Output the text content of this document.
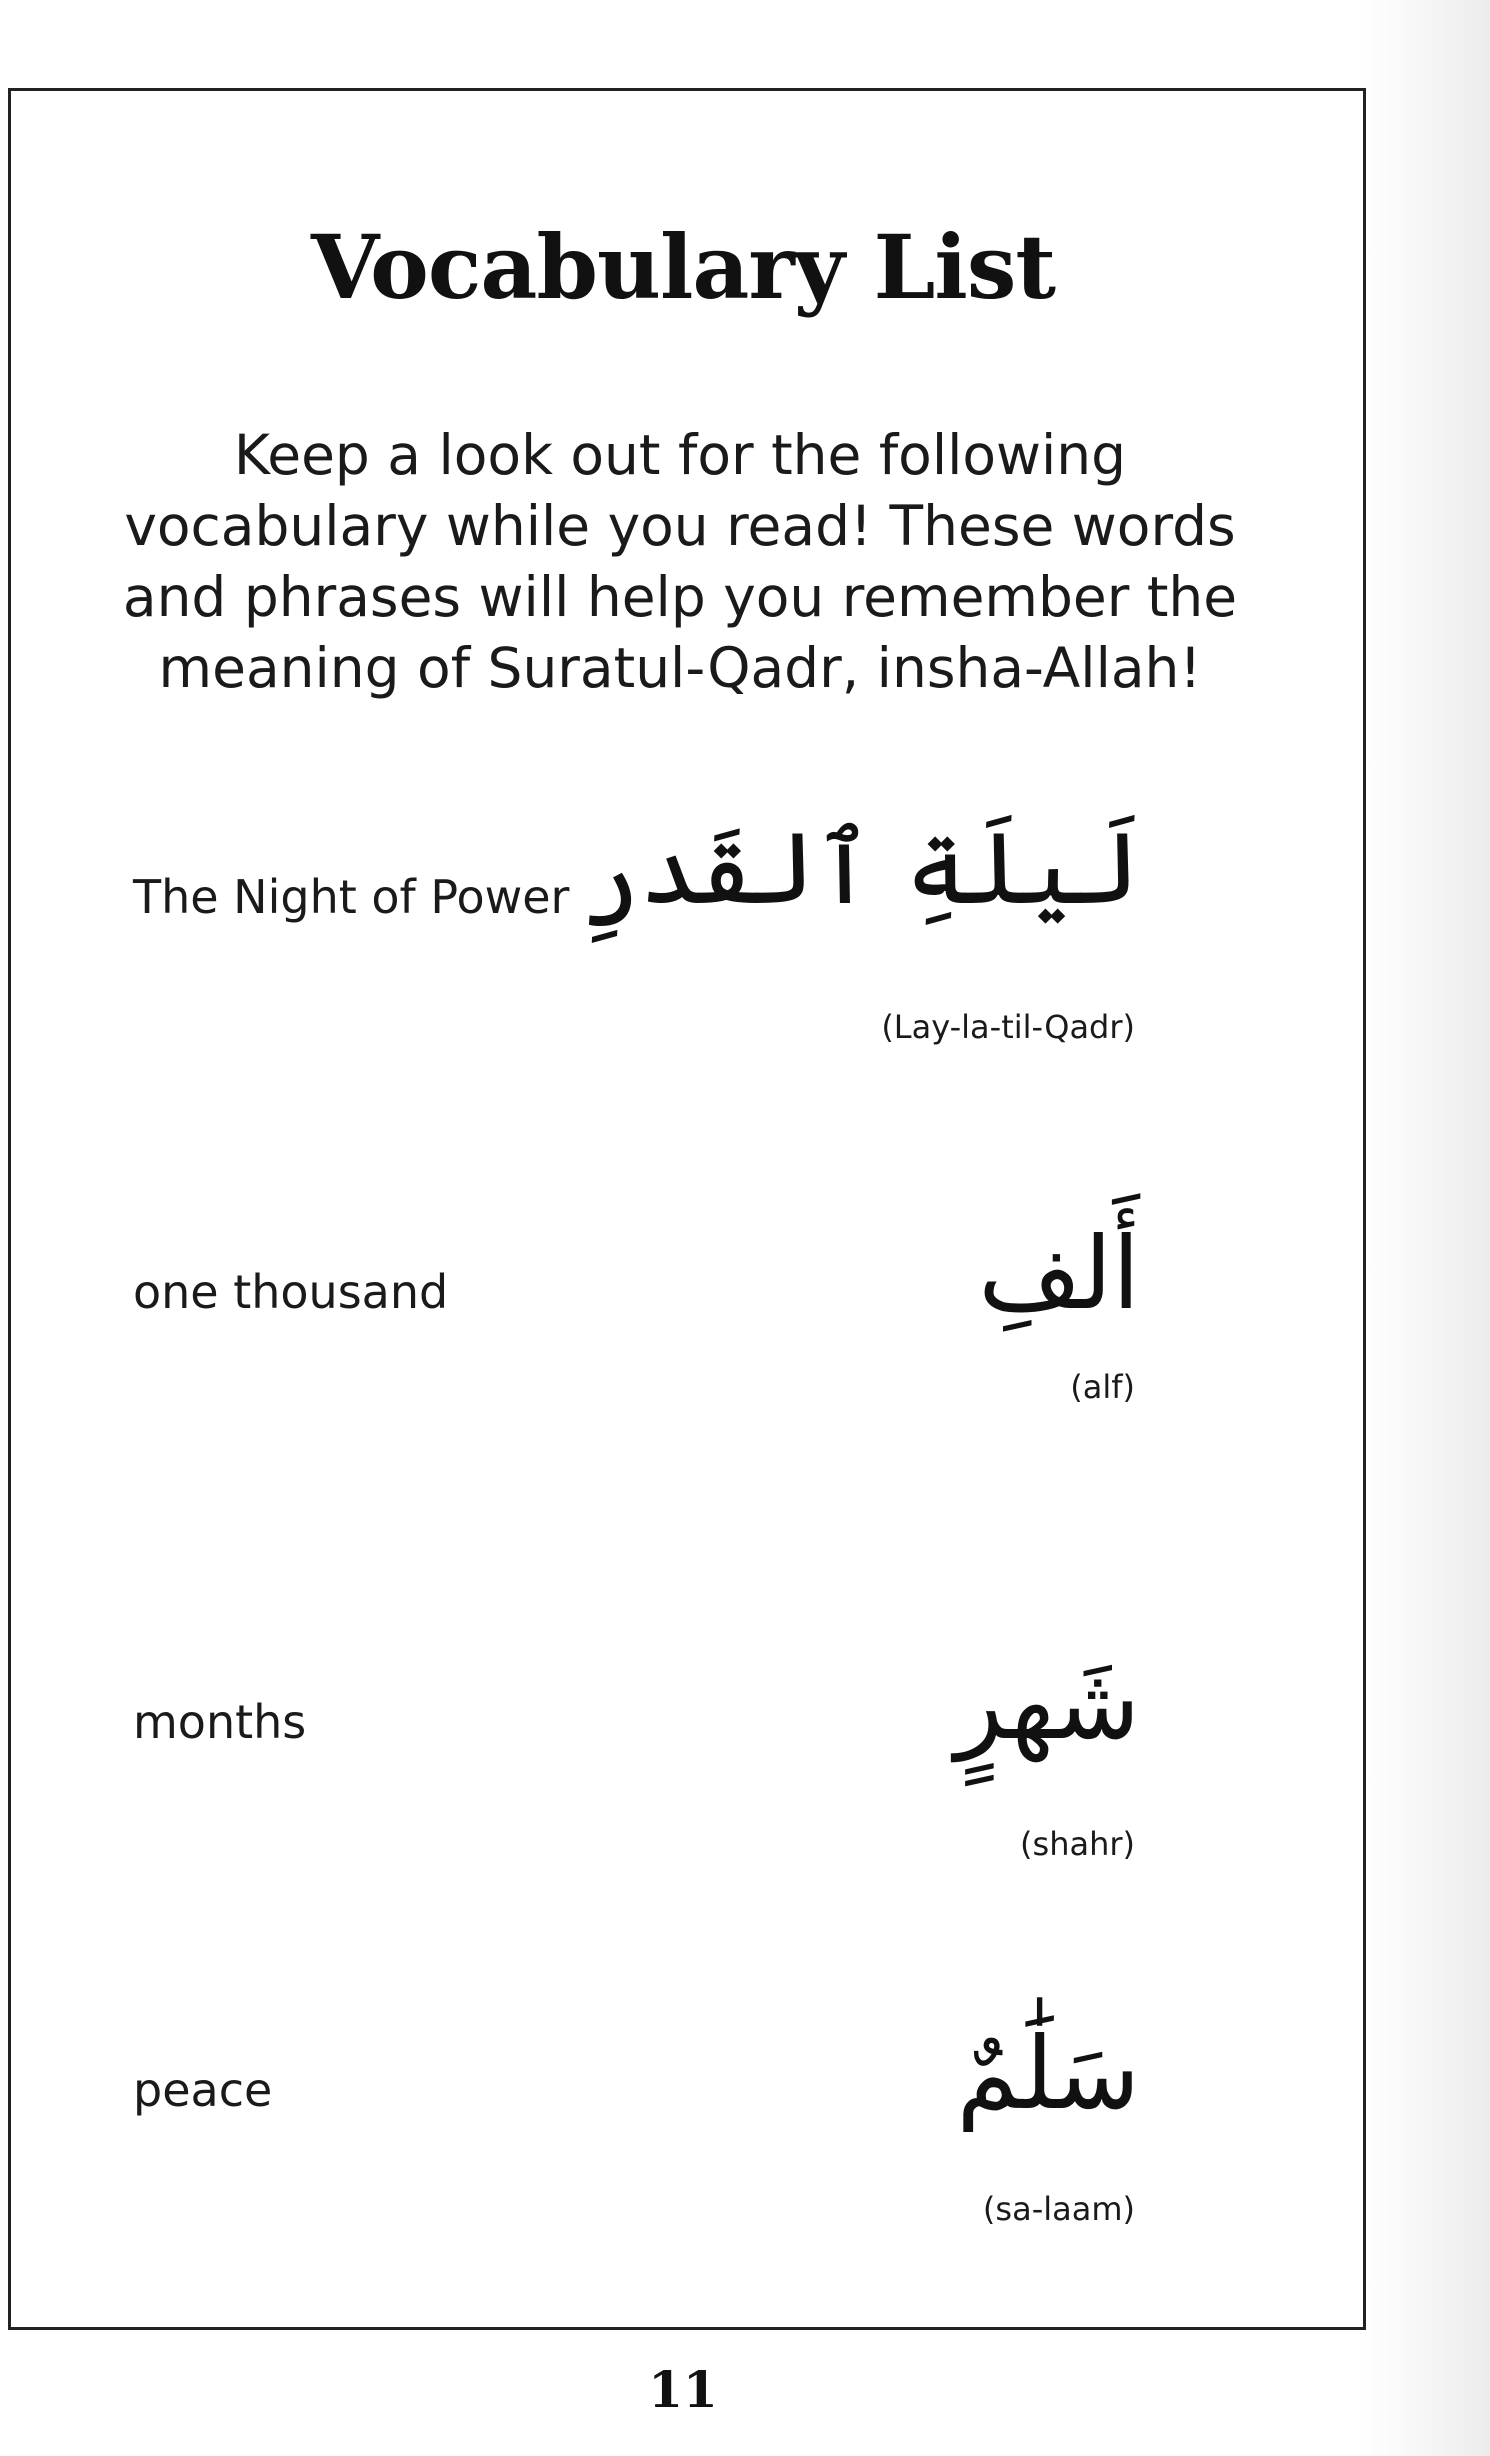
Vocabulary List
Keep a look out for the following vocabulary while you read! These words and phrases will help you remember the meaning of Suratul-Qadr, insha-Allah!
The Night of Power لَيلَةِ ٱلقَدرِ
(Lay-la-til-Qadr)
one thousand	أَلفِ
(alf)
months	شَهرٍ
(shahr)
peace	سَلَٰمٌ
(sa-laam)
11
